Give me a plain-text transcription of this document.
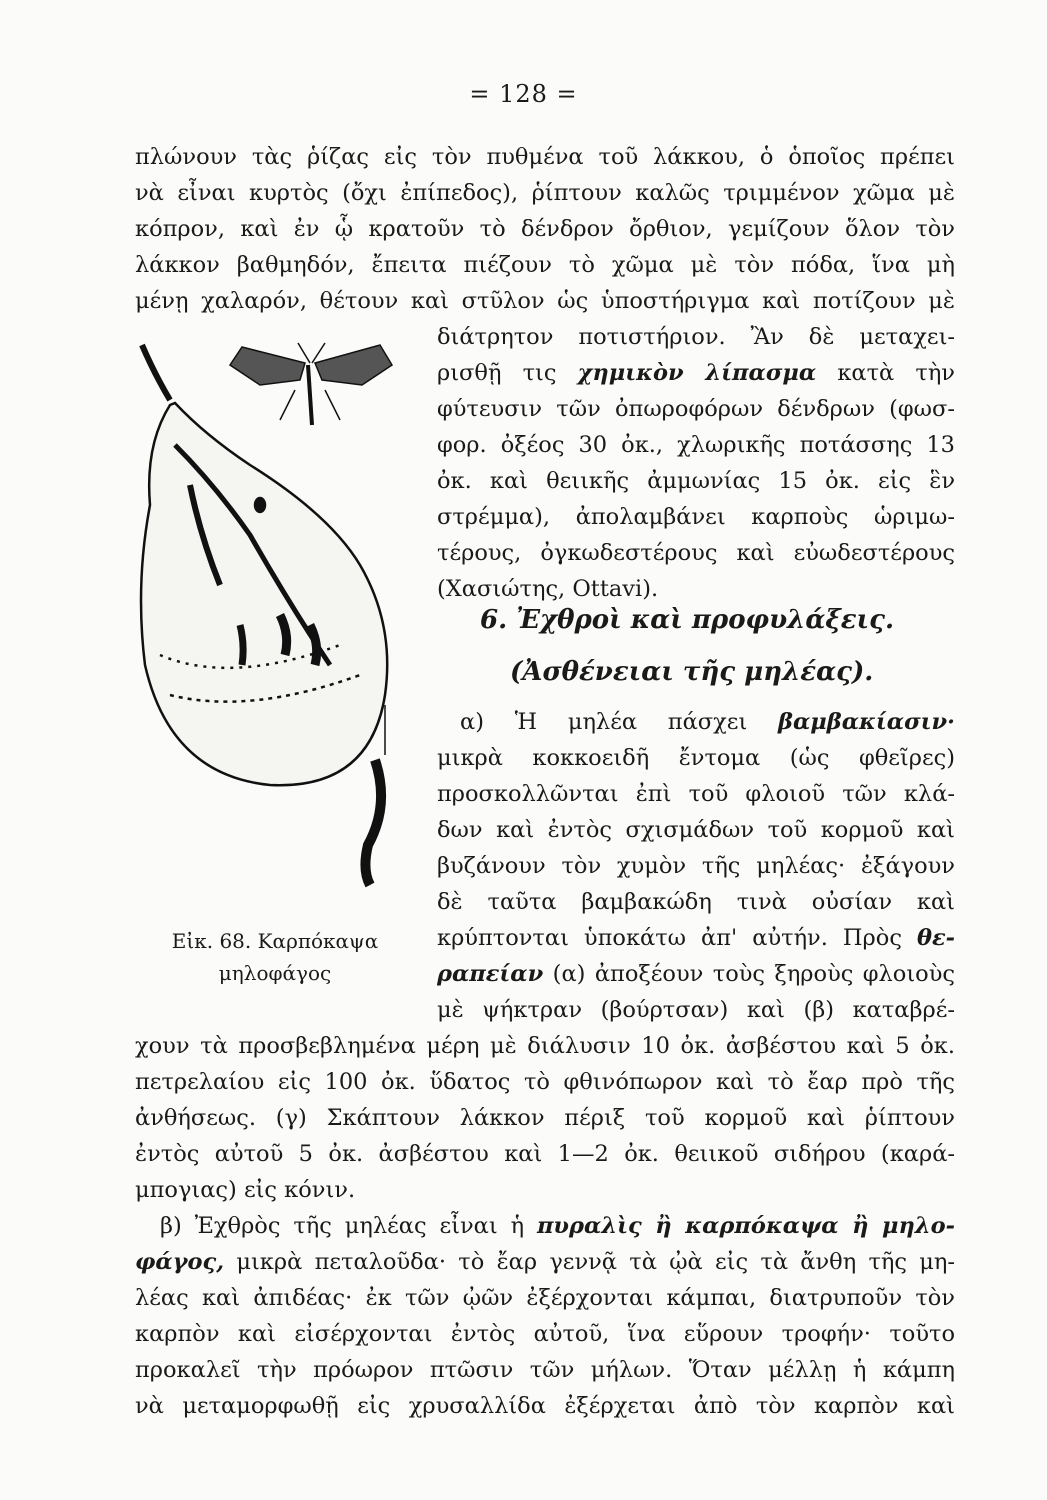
= 128 =
πλώνουν τὰς ῥίζας εἰς τὸν πυθμένα τοῦ λάκκου, ὁ ὁποῖος πρέπει
νὰ εἶναι κυρτὸς (ὄχι ἐπίπεδος), ῥίπτουν καλῶς τριμμένον χῶμα μὲ
κόπρον, καὶ ἐν ᾧ κρατοῦν τὸ δένδρον ὄρθιον, γεμίζουν ὅλον τὸν
λάκκον βαθμηδόν, ἔπειτα πιέζουν τὸ χῶμα μὲ τὸν πόδα, ἵνα μὴ
μένῃ χαλαρόν, θέτουν καὶ στῦλον ὡς ὑποστήριγμα καὶ ποτίζουν μὲ
διάτρητον ποτιστήριον. Ἂν δὲ μεταχει-
ρισθῇ τις χημικὸν λίπασμα κατὰ τὴν
φύτευσιν τῶν ὀπωροφόρων δένδρων (φωσ-
φορ. ὀξέος 30 ὀκ., χλωρικῆς ποτάσσης 13
ὀκ. καὶ θειικῆς ἀμμωνίας 15 ὀκ. εἰς ἓν
στρέμμα), ἀπολαμβάνει καρποὺς ὡριμω-
τέρους, ὀγκωδεστέρους καὶ εὐωδεστέρους
(Χασιώτης, Ottavi).
6. Ἐχθροὶ καὶ προφυλάξεις.
(Ἀσθένειαι τῆς μηλέας).
α) Ἡ μηλέα πάσχει βαμβακίασιν·
μικρὰ κοκκοειδῆ ἔντομα (ὡς φθεῖρες)
προσκολλῶνται ἐπὶ τοῦ φλοιοῦ τῶν κλά-
δων καὶ ἐντὸς σχισμάδων τοῦ κορμοῦ καὶ
βυζάνουν τὸν χυμὸν τῆς μηλέας· ἐξάγουν
δὲ ταῦτα βαμβακώδη τινὰ οὐσίαν καὶ
κρύπτονται ὑποκάτω ἀπ' αὐτήν. Πρὸς θε-
ραπείαν (α) ἀποξέουν τοὺς ξηροὺς φλοιοὺς
μὲ ψήκτραν (βούρτσαν) καὶ (β) καταβρέ-
χουν τὰ προσβεβλημένα μέρη μὲ διάλυσιν 10 ὀκ. ἀσβέστου καὶ 5 ὀκ.
πετρελαίου εἰς 100 ὀκ. ὕδατος τὸ φθινόπωρον καὶ τὸ ἔαρ πρὸ τῆς
ἀνθήσεως. (γ) Σκάπτουν λάκκον πέριξ τοῦ κορμοῦ καὶ ῥίπτουν
ἐντὸς αὐτοῦ 5 ὀκ. ἀσβέστου καὶ 1—2 ὀκ. θειικοῦ σιδήρου (καρά-
μπογιας) εἰς κόνιν.
β) Ἐχθρὸς τῆς μηλέας εἶναι ἡ πυραλὶς ἢ καρπόκαψα ἢ μηλο-
φάγος, μικρὰ πεταλοῦδα· τὸ ἔαρ γεννᾷ τὰ ᾠὰ εἰς τὰ ἄνθη τῆς μη-
λέας καὶ ἀπιδέας· ἐκ τῶν ᾠῶν ἐξέρχονται κάμπαι, διατρυποῦν τὸν
καρπὸν καὶ εἰσέρχονται ἐντὸς αὐτοῦ, ἵνα εὕρουν τροφήν· τοῦτο
προκαλεῖ τὴν πρόωρον πτῶσιν τῶν μήλων. Ὅταν μέλλῃ ἡ κάμπη
νὰ μεταμορφωθῇ εἰς χρυσαλλίδα ἐξέρχεται ἀπὸ τὸν καρπὸν καὶ
Εἰκ. 68. Καρπόκαψα
μηλοφάγος
